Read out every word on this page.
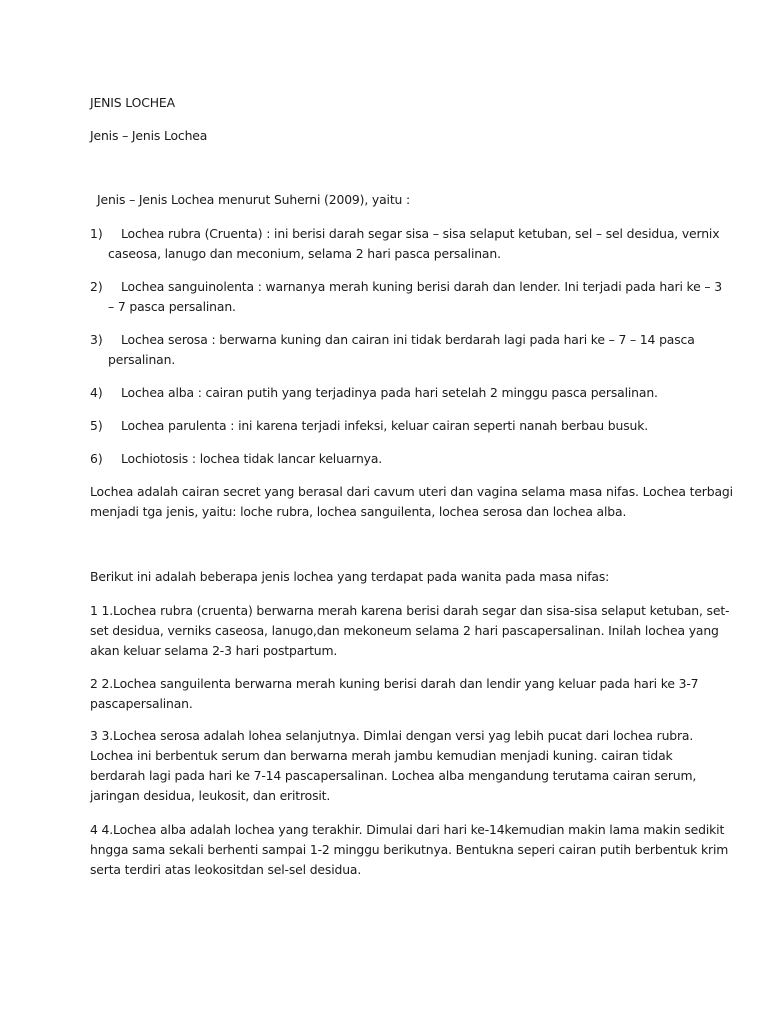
JENIS LOCHEA
Jenis – Jenis Lochea
Jenis – Jenis Lochea menurut Suherni (2009), yaitu :
1) Lochea rubra (Cruenta) : ini berisi darah segar sisa – sisa selaput ketuban, sel – sel desidua, vernix
caseosa, lanugo dan meconium, selama 2 hari pasca persalinan.
2) Lochea sanguinolenta : warnanya merah kuning berisi darah dan lender. Ini terjadi pada hari ke – 3
– 7 pasca persalinan.
3) Lochea serosa : berwarna kuning dan cairan ini tidak berdarah lagi pada hari ke – 7 – 14 pasca
persalinan.
4) Lochea alba : cairan putih yang terjadinya pada hari setelah 2 minggu pasca persalinan.
5) Lochea parulenta : ini karena terjadi infeksi, keluar cairan seperti nanah berbau busuk.
6) Lochiotosis : lochea tidak lancar keluarnya.
Lochea adalah cairan secret yang berasal dari cavum uteri dan vagina selama masa nifas. Lochea terbagi
menjadi tga jenis, yaitu: loche rubra, lochea sanguilenta, lochea serosa dan lochea alba.
Berikut ini adalah beberapa jenis lochea yang terdapat pada wanita pada masa nifas:
1 1.Lochea rubra (cruenta) berwarna merah karena berisi darah segar dan sisa-sisa selaput ketuban, set-
set desidua, verniks caseosa, lanugo,dan mekoneum selama 2 hari pascapersalinan. Inilah lochea yang
akan keluar selama 2-3 hari postpartum.
2 2.Lochea sanguilenta berwarna merah kuning berisi darah dan lendir yang keluar pada hari ke 3-7
pascapersalinan.
3 3.Lochea serosa adalah lohea selanjutnya. Dimlai dengan versi yag lebih pucat dari lochea rubra.
Lochea ini berbentuk serum dan berwarna merah jambu kemudian menjadi kuning. cairan tidak
berdarah lagi pada hari ke 7-14 pascapersalinan. Lochea alba mengandung terutama cairan serum,
jaringan desidua, leukosit, dan eritrosit.
4 4.Lochea alba adalah lochea yang terakhir. Dimulai dari hari ke-14kemudian makin lama makin sedikit
hngga sama sekali berhenti sampai 1-2 minggu berikutnya. Bentukna seperi cairan putih berbentuk krim
serta terdiri atas leokositdan sel-sel desidua.
